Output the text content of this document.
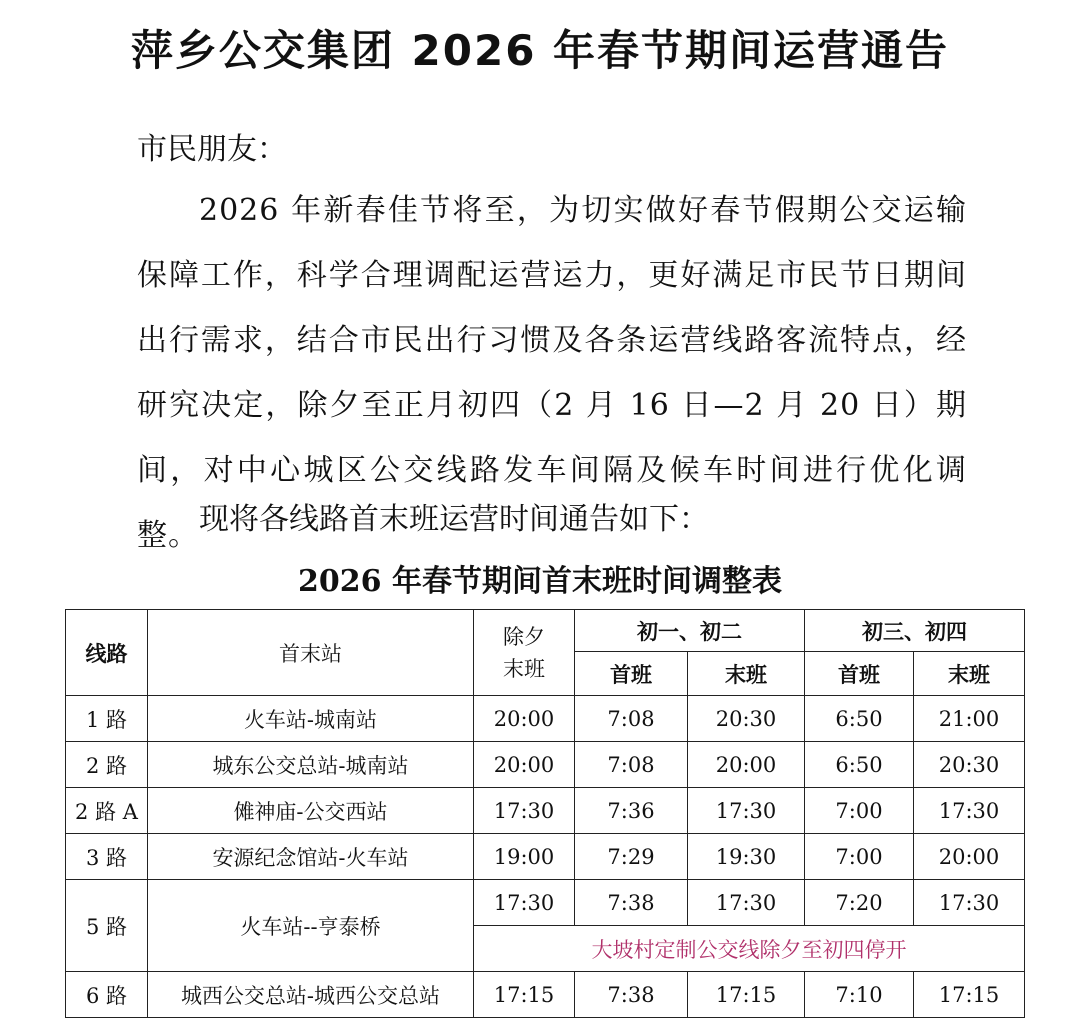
萍乡公交集团 2026 年春节期间运营通告
市民朋友：
2026 年新春佳节将至，为切实做好春节假期公交运输保障工作，科学合理调配运营运力，更好满足市民节日期间出行需求，结合市民出行习惯及各条运营线路客流特点，经研究决定，除夕至正月初四（2 月 16 日—2 月 20 日）期间，对中心城区公交线路发车间隔及候车时间进行优化调整。 现将各线路首末班运营时间通告如下：
2026 年春节期间首末班时间调整表
线路	首末站	除夕末班	初一、初二		初三、初四	
			首班	末班	首班	末班
1 路	火车站-城南站	20:00	7:08	20:30	6:50	21:00
2 路	城东公交总站-城南站	20:00	7:08	20:00	6:50	20:30
2 路 A	傩神庙-公交西站	17:30	7:36	17:30	7:00	17:30
3 路	安源纪念馆站-火车站	19:00	7:29	19:30	7:00	20:00
5 路	火车站--亨泰桥	17:30	7:38	17:30	7:20	17:30
		大坡村定制公交线除夕至初四停开				
6 路	城西公交总站-城西公交总站	17:15	7:38	17:15	7:10	17:15
